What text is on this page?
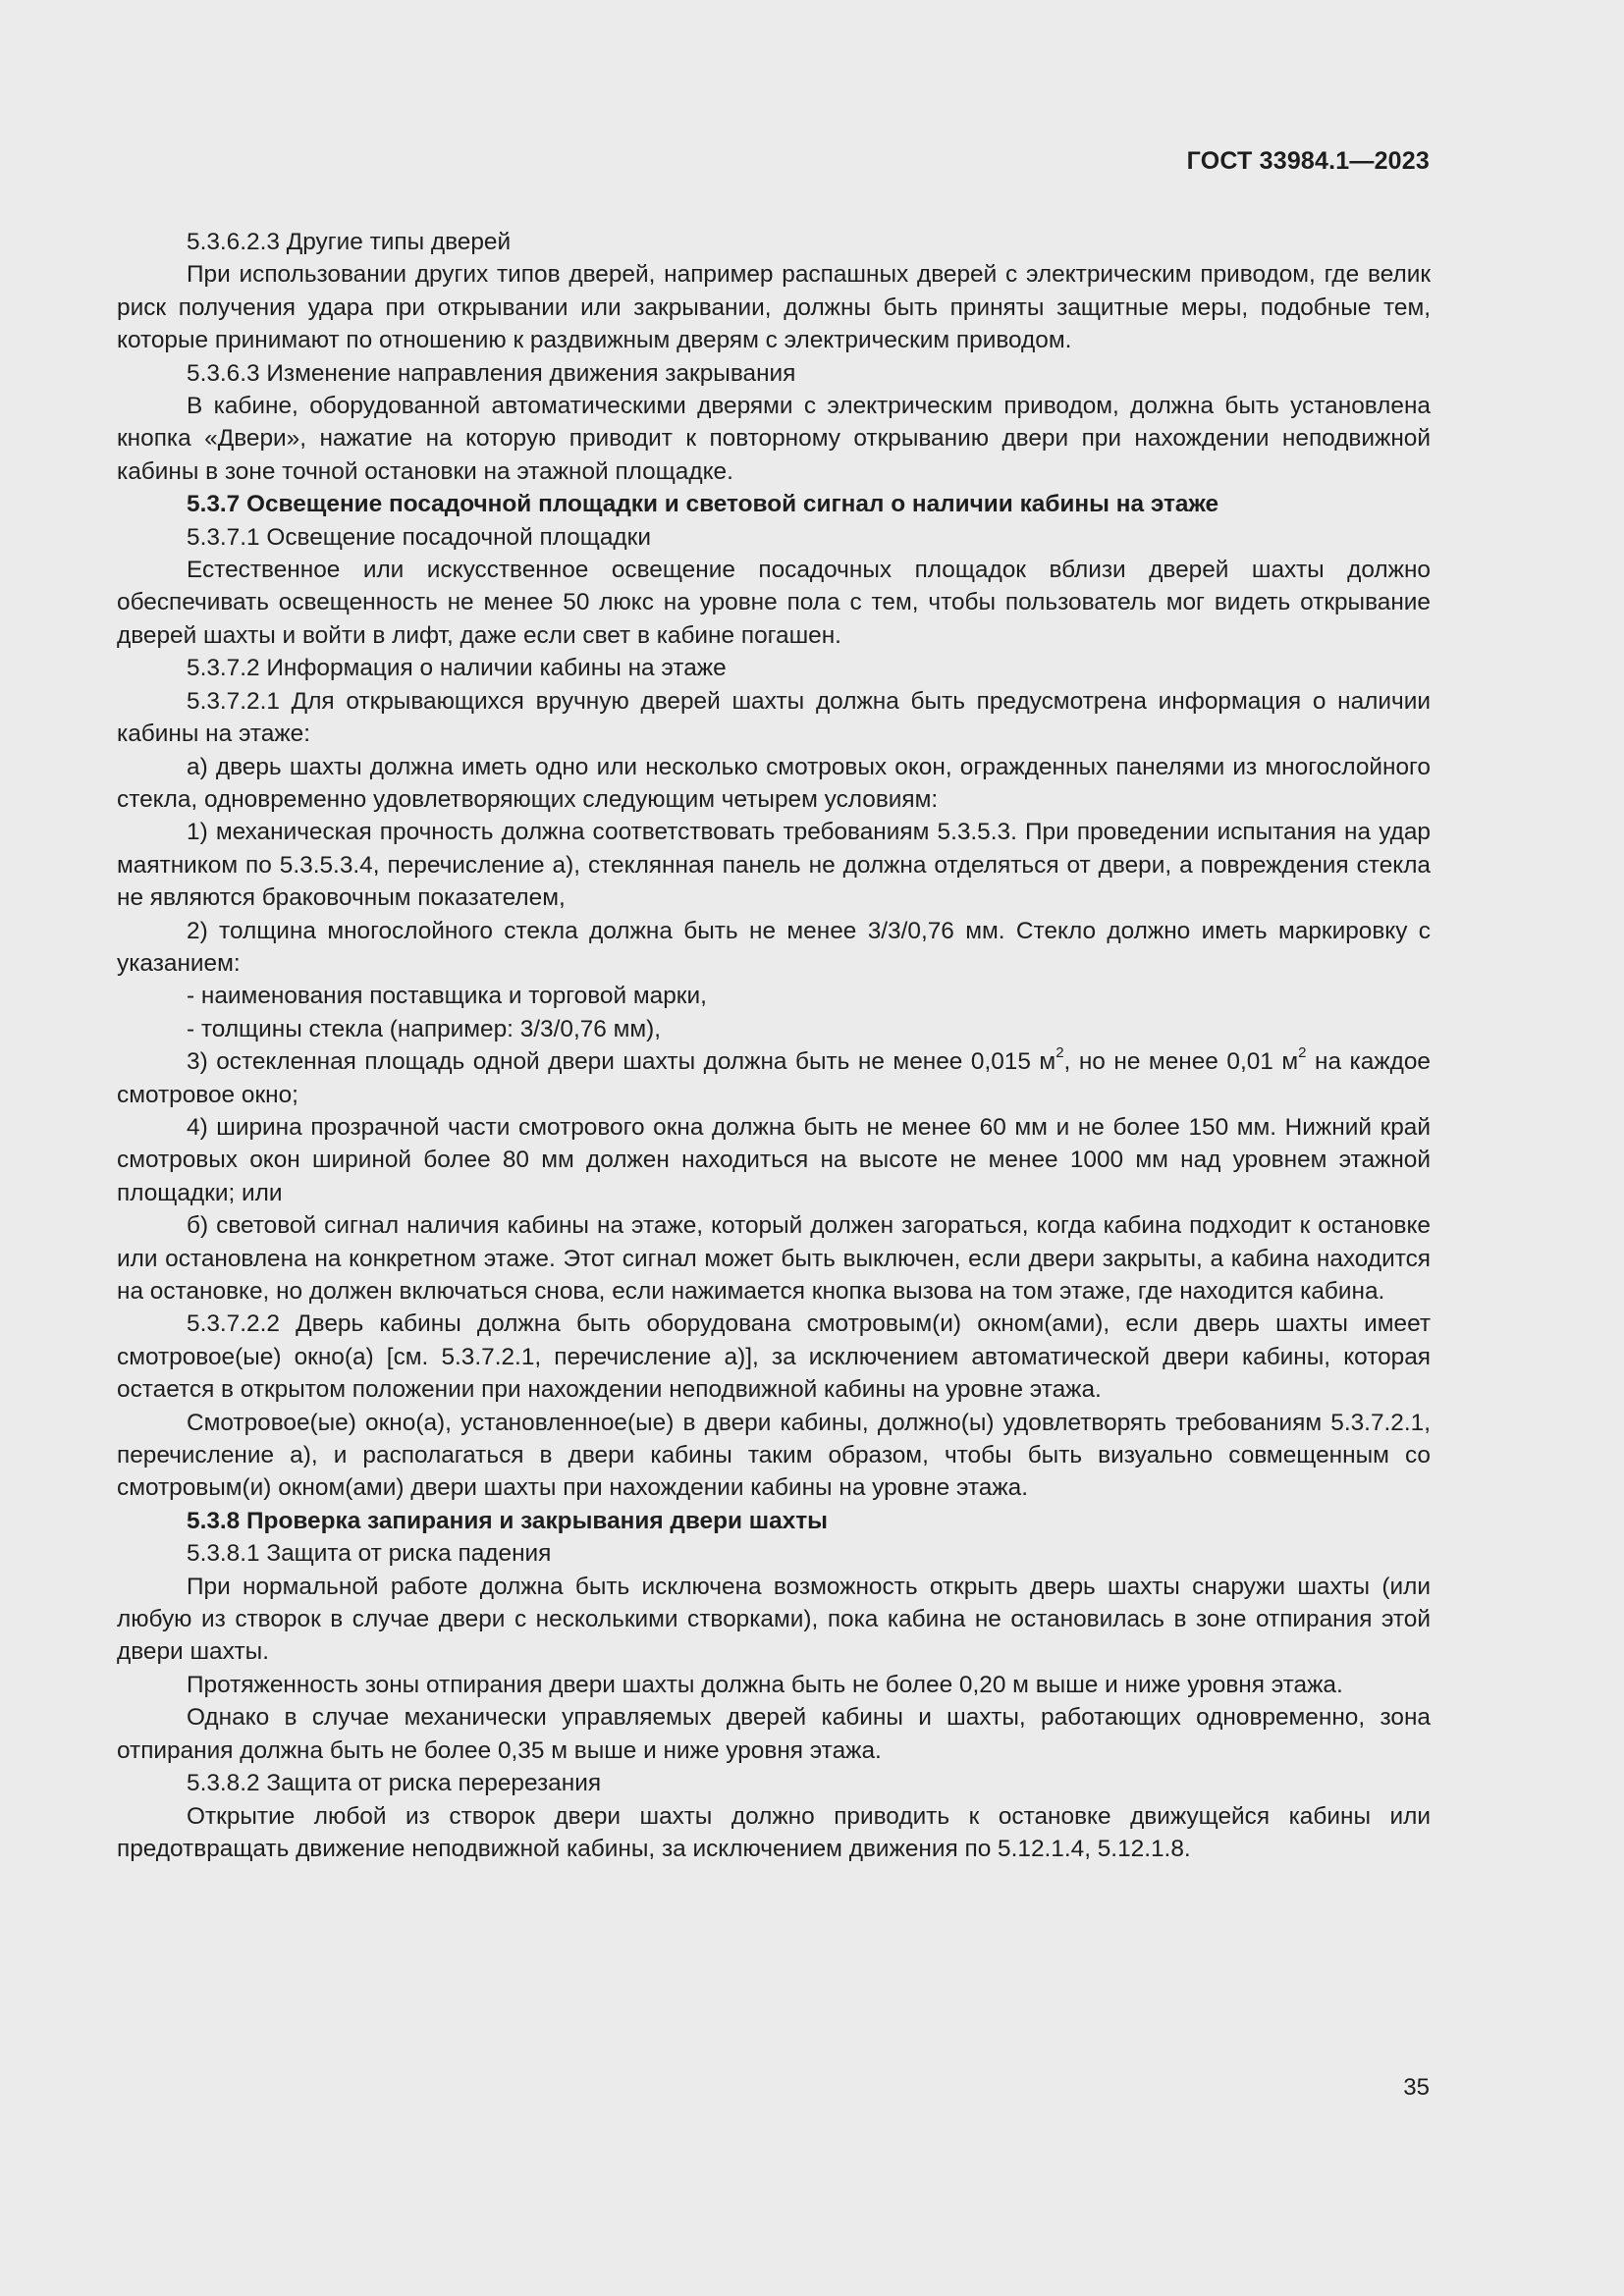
ГОСТ 33984.1—2023

5.3.6.2.3 Другие типы дверей

При использовании других типов дверей, например распашных дверей с электрическим приводом, где велик риск получения удара при открывании или закрывании, должны быть приняты защитные меры, подобные тем, которые принимают по отношению к раздвижным дверям с электрическим приводом.

5.3.6.3 Изменение направления движения закрывания

В кабине, оборудованной автоматическими дверями с электрическим приводом, должна быть установлена кнопка «Двери», нажатие на которую приводит к повторному открыванию двери при нахождении неподвижной кабины в зоне точной остановки на этажной площадке.

5.3.7 Освещение посадочной площадки и световой сигнал о наличии кабины на этаже

5.3.7.1 Освещение посадочной площадки

Естественное или искусственное освещение посадочных площадок вблизи дверей шахты должно обеспечивать освещенность не менее 50 люкс на уровне пола с тем, чтобы пользователь мог видеть открывание дверей шахты и войти в лифт, даже если свет в кабине погашен.

5.3.7.2 Информация о наличии кабины на этаже

5.3.7.2.1 Для открывающихся вручную дверей шахты должна быть предусмотрена информация о наличии кабины на этаже:

а) дверь шахты должна иметь одно или несколько смотровых окон, огражденных панелями из многослойного стекла, одновременно удовлетворяющих следующим четырем условиям:

1) механическая прочность должна соответствовать требованиям 5.3.5.3. При проведении испытания на удар маятником по 5.3.5.3.4, перечисление а), стеклянная панель не должна отделяться от двери, а повреждения стекла не являются браковочным показателем,

2) толщина многослойного стекла должна быть не менее 3/3/0,76 мм. Стекло должно иметь маркировку с указанием:

- наименования поставщика и торговой марки,

- толщины стекла (например: 3/3/0,76 мм),

3) остекленная площадь одной двери шахты должна быть не менее 0,015 $м^2$, но не менее 0,01 $м^2$ на каждое смотровое окно;

4) ширина прозрачной части смотрового окна должна быть не менее 60 мм и не более 150 мм. Нижний край смотровых окон шириной более 80 мм должен находиться на высоте не менее 1000 мм над уровнем этажной площадки; или

б) световой сигнал наличия кабины на этаже, который должен загораться, когда кабина подходит к остановке или остановлена на конкретном этаже. Этот сигнал может быть выключен, если двери закрыты, а кабина находится на остановке, но должен включаться снова, если нажимается кнопка вызова на том этаже, где находится кабина.

5.3.7.2.2 Дверь кабины должна быть оборудована смотровым(и) окном(ами), если дверь шахты имеет смотровое(ые) окно(а) [см. 5.3.7.2.1, перечисление а)], за исключением автоматической двери кабины, которая остается в открытом положении при нахождении неподвижной кабины на уровне этажа.

Смотровое(ые) окно(а), установленное(ые) в двери кабины, должно(ы) удовлетворять требованиям 5.3.7.2.1, перечисление а), и располагаться в двери кабины таким образом, чтобы быть визуально совмещенным со смотровым(и) окном(ами) двери шахты при нахождении кабины на уровне этажа.

5.3.8 Проверка запирания и закрывания двери шахты

5.3.8.1 Защита от риска падения

При нормальной работе должна быть исключена возможность открыть дверь шахты снаружи шахты (или любую из створок в случае двери с несколькими створками), пока кабина не остановилась в зоне отпирания этой двери шахты.

Протяженность зоны отпирания двери шахты должна быть не более 0,20 м выше и ниже уровня этажа.

Однако в случае механически управляемых дверей кабины и шахты, работающих одновременно, зона отпирания должна быть не более 0,35 м выше и ниже уровня этажа.

5.3.8.2 Защита от риска перерезания

Открытие любой из створок двери шахты должно приводить к остановке движущейся кабины или предотвращать движение неподвижной кабины, за исключением движения по 5.12.1.4, 5.12.1.8.

35
